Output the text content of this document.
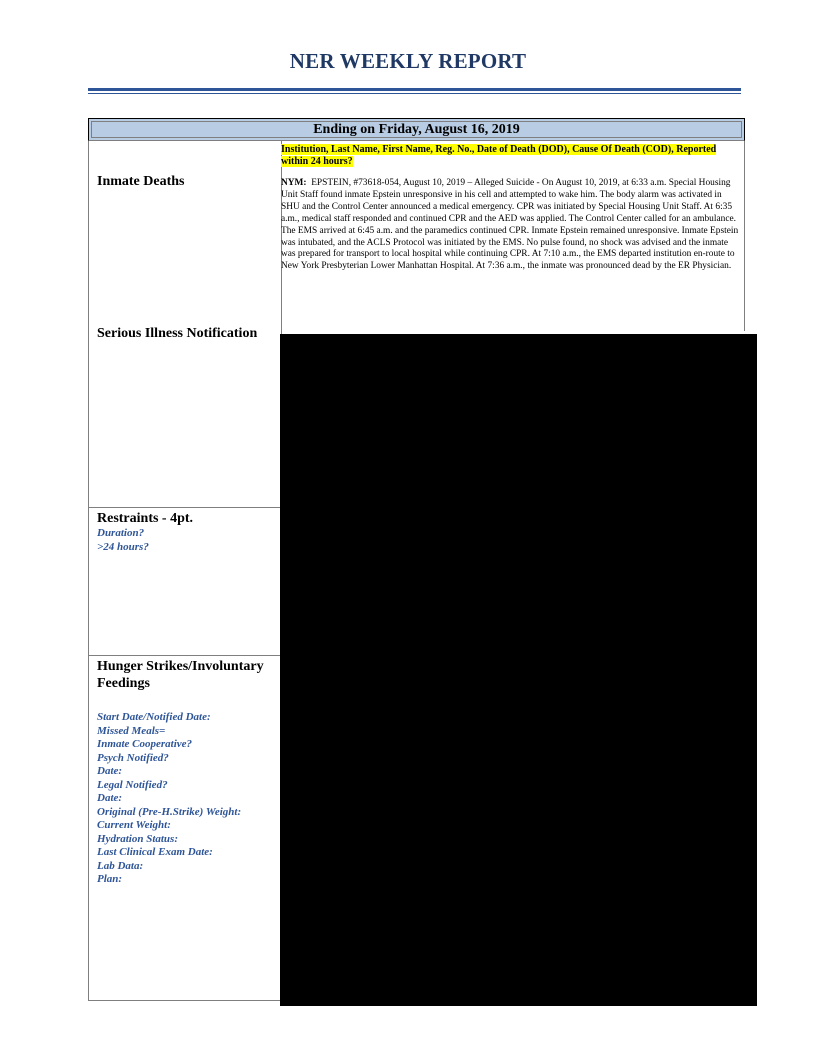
NER WEEKLY REPORT
Ending on Friday, August 16, 2019
Inmate Deaths
Serious Illness Notification
Restraints - 4pt.
Duration?
>24 hours?
Hunger Strikes/Involuntary
Feedings
Start Date/Notified Date:
Missed Meals=
Inmate Cooperative?
Psych Notified?
Date:
Legal Notified?
Date:
Original (Pre-H.Strike) Weight:
Current Weight:
Hydration Status:
Last Clinical Exam Date:
Lab Data:
Plan:
Institution, Last Name, First Name, Reg. No., Date of Death (DOD), Cause Of Death (COD), Reported within 24 hours?
NYM: EPSTEIN, #73618-054, August 10, 2019 – Alleged Suicide - On August 10, 2019, at 6:33 a.m. Special Housing Unit Staff found inmate Epstein unresponsive in his cell and attempted to wake him. The body alarm was activated in SHU and the Control Center announced a medical emergency. CPR was initiated by Special Housing Unit Staff. At 6:35 a.m., medical staff responded and continued CPR and the AED was applied. The Control Center called for an ambulance. The EMS arrived at 6:45 a.m. and the paramedics continued CPR. Inmate Epstein remained unresponsive. Inmate Epstein was intubated, and the ACLS Protocol was initiated by the EMS. No pulse found, no shock was advised and the inmate was prepared for transport to local hospital while continuing CPR. At 7:10 a.m., the EMS departed institution en-route to New York Presbyterian Lower Manhattan Hospital. At 7:36 a.m., the inmate was pronounced dead by the ER Physician.
